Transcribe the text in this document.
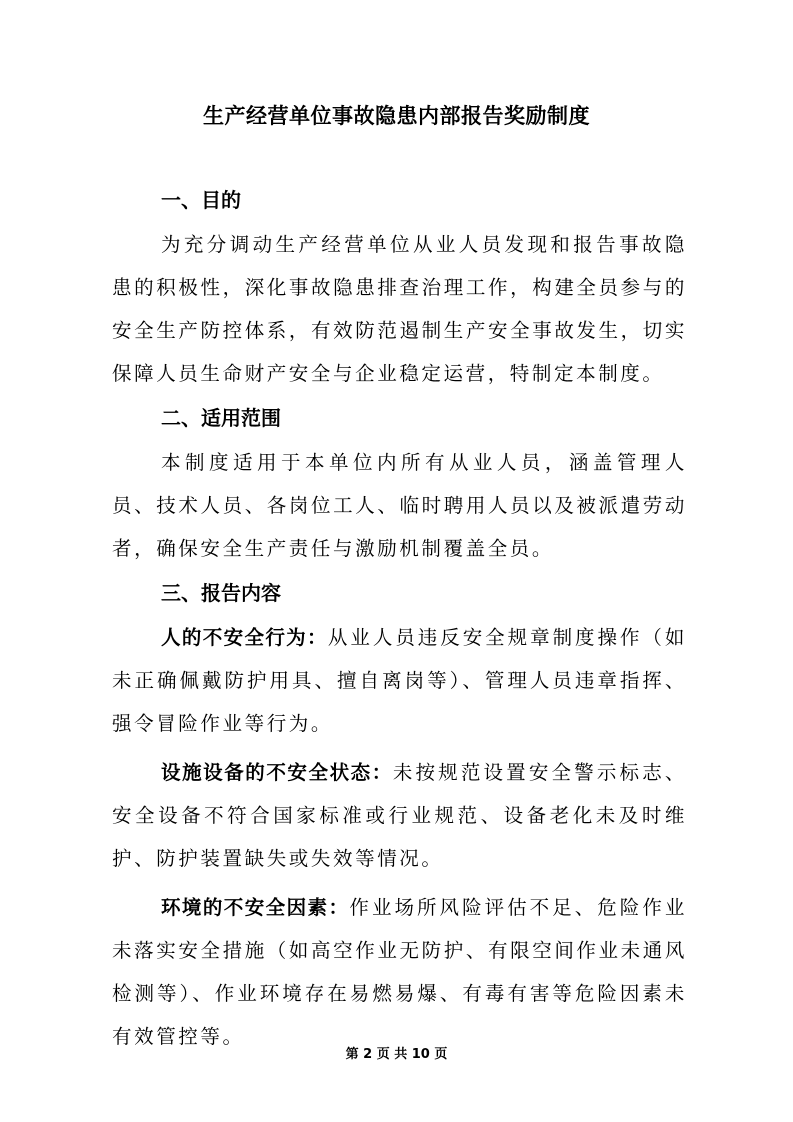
生产经营单位事故隐患内部报告奖励制度
一、目的

为充分调动生产经营单位从业人员发现和报告事故隐患的积极性，深化事故隐患排查治理工作，构建全员参与的安全生产防控体系，有效防范遏制生产安全事故发生，切实保障人员生命财产安全与企业稳定运营，特制定本制度。

二、适用范围

本制度适用于本单位内所有从业人员，涵盖管理人员、技术人员、各岗位工人、临时聘用人员以及被派遣劳动者，确保安全生产责任与激励机制覆盖全员。

三、报告内容

人的不安全行为：从业人员违反安全规章制度操作（如未正确佩戴防护用具、擅自离岗等）、管理人员违章指挥、强令冒险作业等行为。

设施设备的不安全状态：未按规范设置安全警示标志、安全设备不符合国家标准或行业规范、设备老化未及时维护、防护装置缺失或失效等情况。

环境的不安全因素：作业场所风险评估不足、危险作业未落实安全措施（如高空作业无防护、有限空间作业未通风检测等）、作业环境存在易燃易爆、有毒有害等危险因素未有效管控等。

第 2 页 共 10 页
